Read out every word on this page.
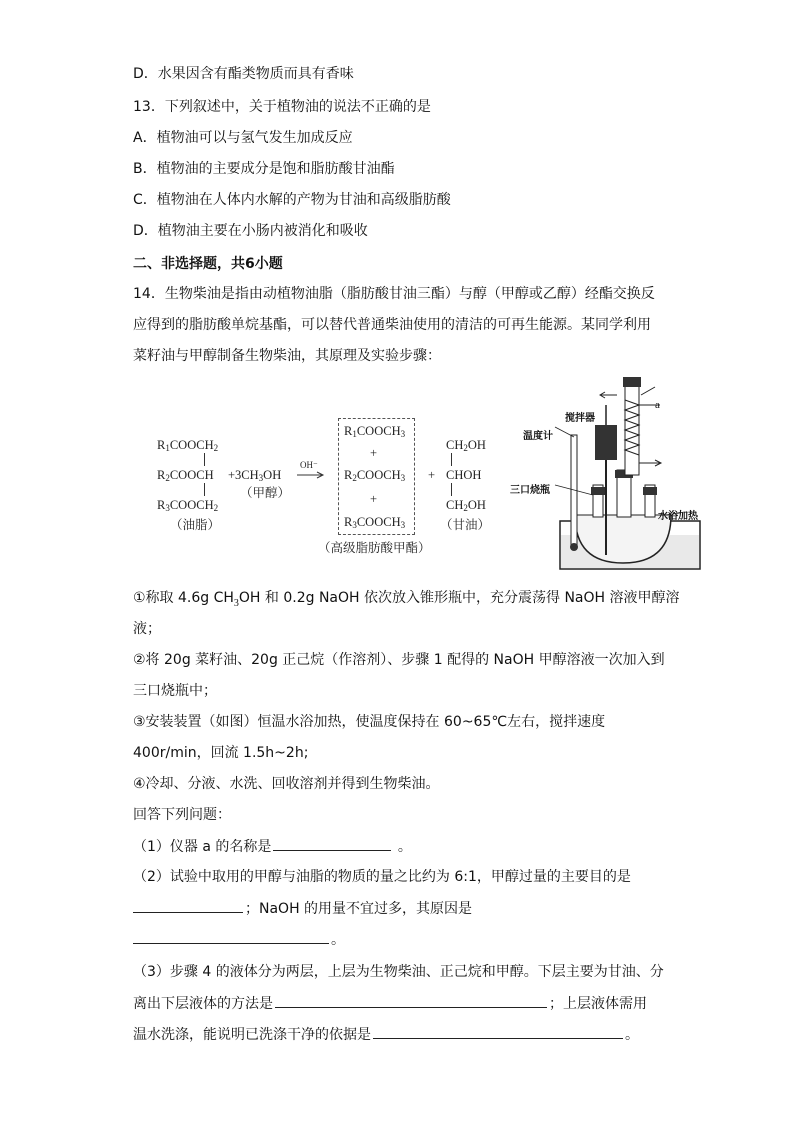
D．水果因含有酯类物质而具有香味
13．下列叙述中，关于植物油的说法不正确的是
A．植物油可以与氢气发生加成反应
B．植物油的主要成分是饱和脂肪酸甘油酯
C．植物油在人体内水解的产物为甘油和高级脂肪酸
D．植物油主要在小肠内被消化和吸收
二、非选择题，共6小题
14．生物柴油是指由动植物油脂（脂肪酸甘油三酯）与醇（甲醇或乙醇）经酯交换反
应得到的脂肪酸单烷基酯，可以替代普通柴油使用的清洁的可再生能源。某同学利用
菜籽油与甲醇制备生物柴油，其原理及实验步骤：
$R_1COOCH_2$
$R_2COOCH$
$R_3COOCH_2$
（油脂）
$+3CH_3OH$
（甲醇）
OH⁻
$R_1COOCH_3$
+
$R_2COOCH_3$
+
$R_3COOCH_3$
（高级脂肪酸甲酯）
+
$CH_2OH$
CHOH
$CH_2OH$
（甘油）
搅拌器
a
温度计
三口烧瓶
水浴加热
①称取 4.6g $CH_3OH$ 和 0.2g NaOH 依次放入锥形瓶中，充分震荡得 NaOH 溶液甲醇溶
液；
②将 20g 菜籽油、20g 正己烷（作溶剂）、步骤 1 配得的 NaOH 甲醇溶液一次加入到
三口烧瓶中；
③安装装置（如图）恒温水浴加热，使温度保持在 60~65℃左右，搅拌速度
400r/min，回流 1.5h~2h;
④冷却、分液、水洗、回收溶剂并得到生物柴油。
回答下列问题：
（1）仪器 a 的名称是	。
（2）试验中取用的甲醇与油脂的物质的量之比约为 6:1，甲醇过量的主要目的是
；NaOH 的用量不宜过多，其原因是
。
（3）步骤 4 的液体分为两层，上层为生物柴油、正己烷和甲醇。下层主要为甘油、分
离出下层液体的方法是	；上层液体需用
温水洗涤，能说明已洗涤干净的依据是	。
